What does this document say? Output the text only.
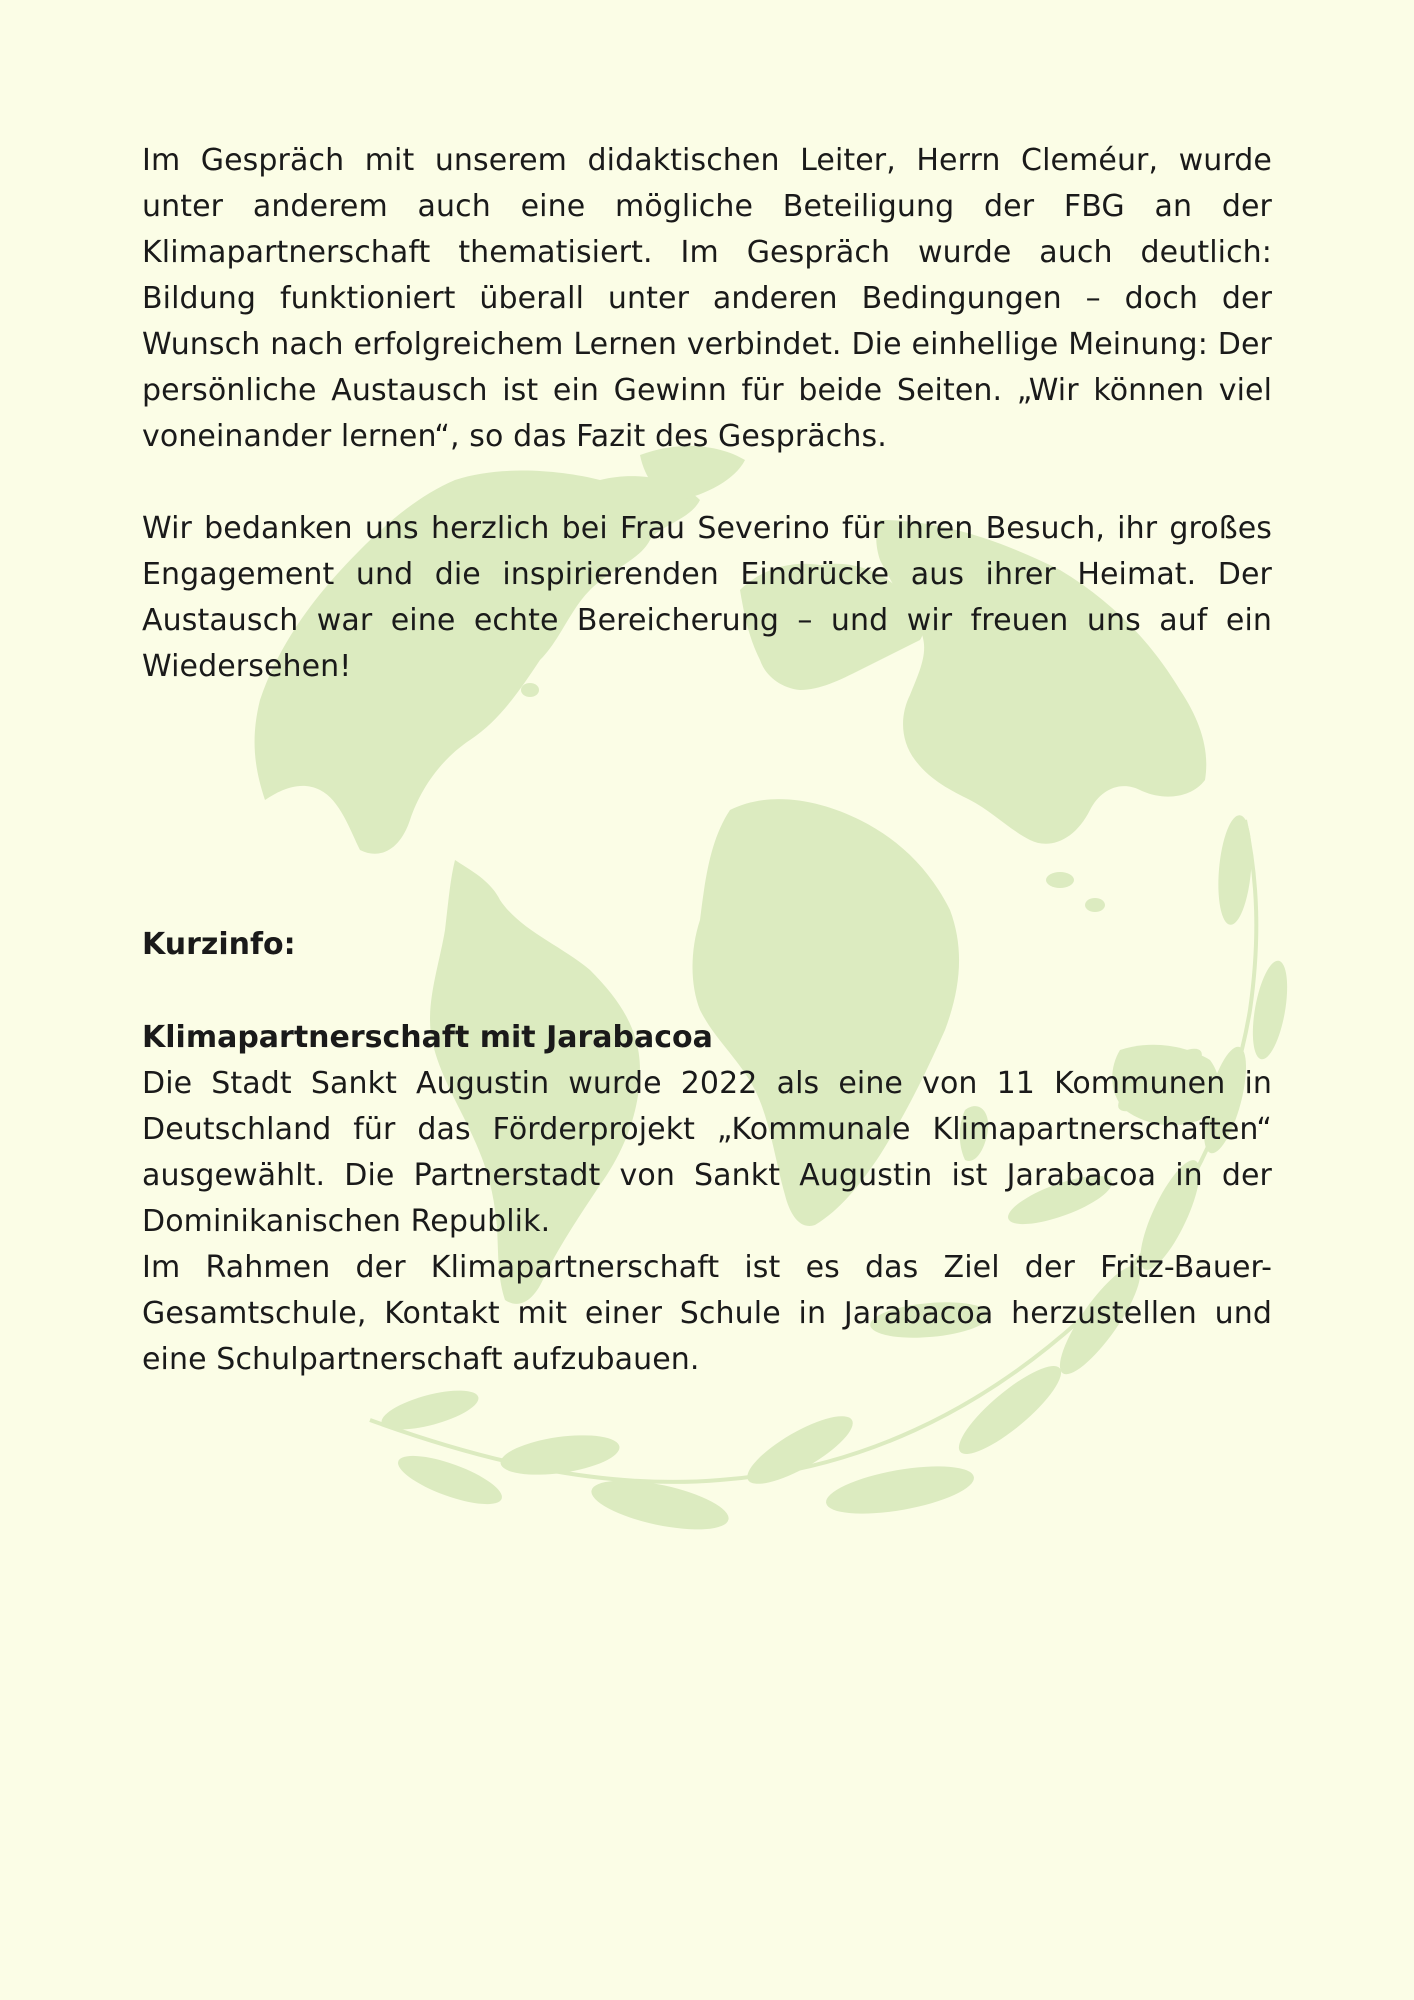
Im Gespräch mit unserem didaktischen Leiter, Herrn Cleméur, wurde unter anderem auch eine mögliche Beteiligung der FBG an der Klimapartnerschaft thematisiert. Im Gespräch wurde auch deutlich: Bildung funktioniert überall unter anderen Bedingungen – doch der Wunsch nach erfolgreichem Lernen verbindet. Die einhellige Meinung: Der persönliche Austausch ist ein Gewinn für beide Seiten. „Wir können viel voneinander lernen“, so das Fazit des Gesprächs.

Wir bedanken uns herzlich bei Frau Severino für ihren Besuch, ihr großes Engagement und die inspirierenden Eindrücke aus ihrer Heimat. Der Austausch war eine echte Bereicherung – und wir freuen uns auf ein Wiedersehen!

Kurzinfo:

Klimapartnerschaft mit Jarabacoa

Die Stadt Sankt Augustin wurde 2022 als eine von 11 Kommunen in Deutschland für das Förderprojekt „Kommunale Klimapartnerschaften“ ausgewählt. Die Partnerstadt von Sankt Augustin ist Jarabacoa in der Dominikanischen Republik.

Im Rahmen der Klimapartnerschaft ist es das Ziel der Fritz-Bauer-Gesamtschule, Kontakt mit einer Schule in Jarabacoa herzustellen und eine Schulpartnerschaft aufzubauen.
